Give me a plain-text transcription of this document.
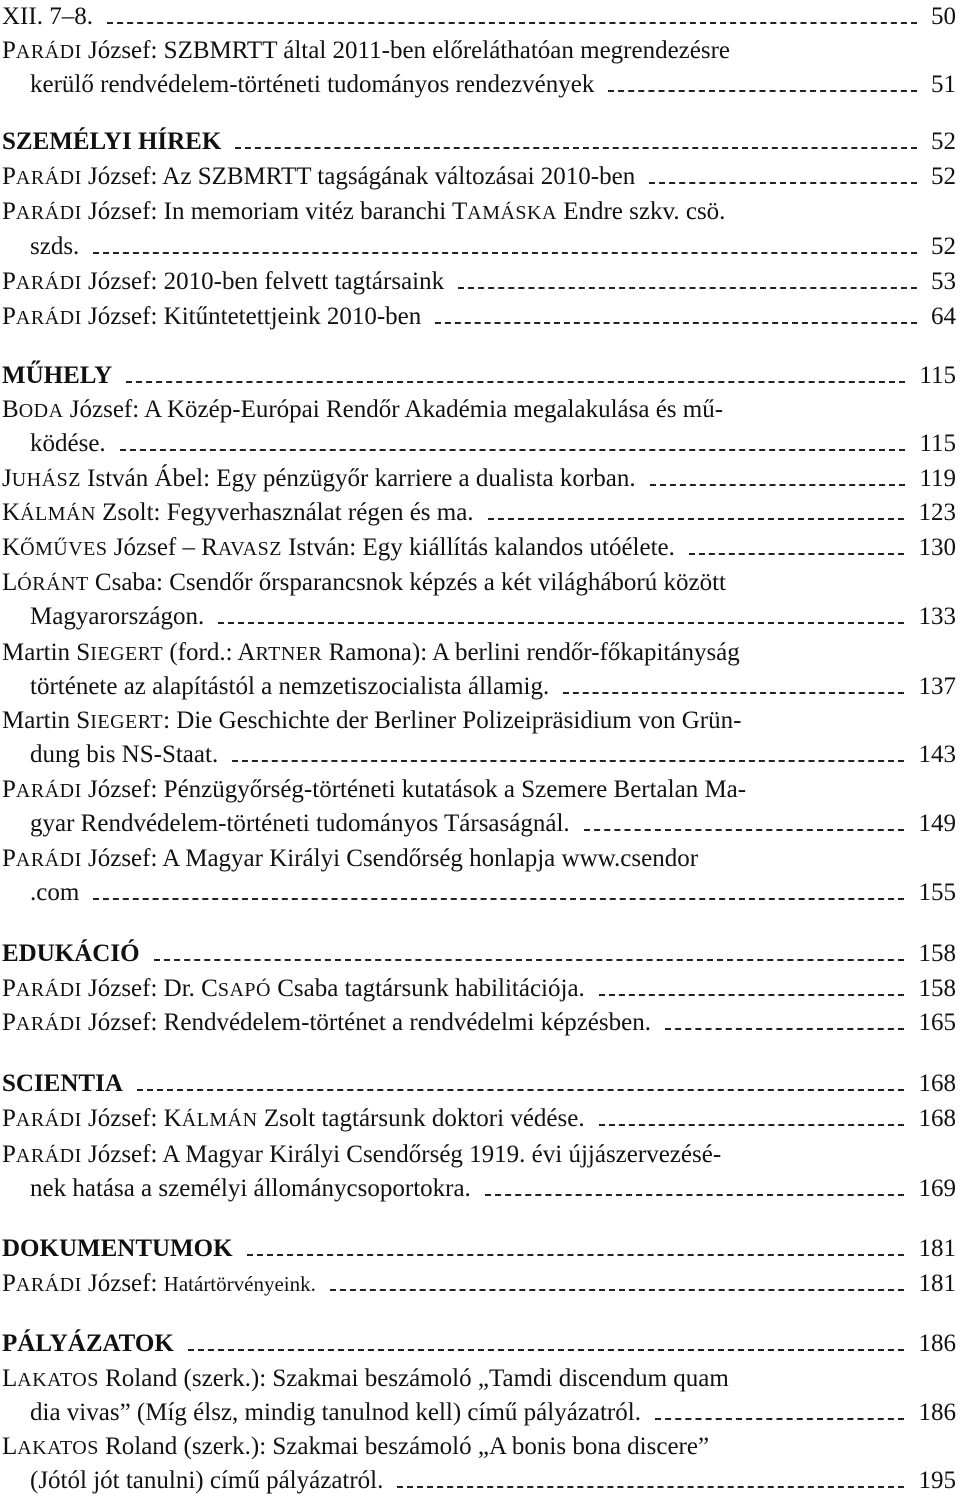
XII. 7–8.	50
PARÁDI József: SZBMRTT által 2011-ben előreláthatóan megrendezésre
kerülő rendvédelem-történeti tudományos rendezvények	51
SZEMÉLYI HÍREK	52
PARÁDI József: Az SZBMRTT tagságának változásai 2010-ben	52
PARÁDI József: In memoriam vitéz baranchi TAMÁSKA Endre szkv. csö.
szds.	52
PARÁDI József: 2010-ben felvett tagtársaink	53
PARÁDI József: Kitűntetettjeink 2010-ben	64
MŰHELY	115
BODA József: A Közép-Európai Rendőr Akadémia megalakulása és mű-
ködése.	115
JUHÁSZ István Ábel: Egy pénzügyőr karriere a dualista korban.	119
KÁLMÁN Zsolt: Fegyverhasználat régen és ma.	123
KŐMŰVES József – RAVASZ István: Egy kiállítás kalandos utóélete.	130
LÓRÁNT Csaba: Csendőr őrsparancsnok képzés a két világháború között
Magyarországon.	133
Martin SIEGERT (ford.: ARTNER Ramona): A berlini rendőr-főkapitányság
története az alapítástól a nemzetiszocialista államig.	137
Martin SIEGERT: Die Geschichte der Berliner Polizeipräsidium von Grün-
dung bis NS-Staat.	143
PARÁDI József: Pénzügyőrség-történeti kutatások a Szemere Bertalan Ma-
gyar Rendvédelem-történeti tudományos Társaságnál.	149
PARÁDI József: A Magyar Királyi Csendőrség honlapja www.csendor
.com	155
EDUKÁCIÓ	158
PARÁDI József: Dr. CSAPÓ Csaba tagtársunk habilitációja.	158
PARÁDI József: Rendvédelem-történet a rendvédelmi képzésben.	165
SCIENTIA	168
PARÁDI József: KÁLMÁN Zsolt tagtársunk doktori védése.	168
PARÁDI József: A Magyar Királyi Csendőrség 1919. évi újjászervezésé-
nek hatása a személyi állománycsoportokra.	169
DOKUMENTUMOK	181
PARÁDI József: Határtörvényeink.	181
PÁLYÁZATOK	186
LAKATOS Roland (szerk.): Szakmai beszámoló „Tamdi discendum quam
dia vivas” (Míg élsz, mindig tanulnod kell) című pályázatról.	186
LAKATOS Roland (szerk.): Szakmai beszámoló „A bonis bona discere”
(Jótól jót tanulni) című pályázatról.	195
